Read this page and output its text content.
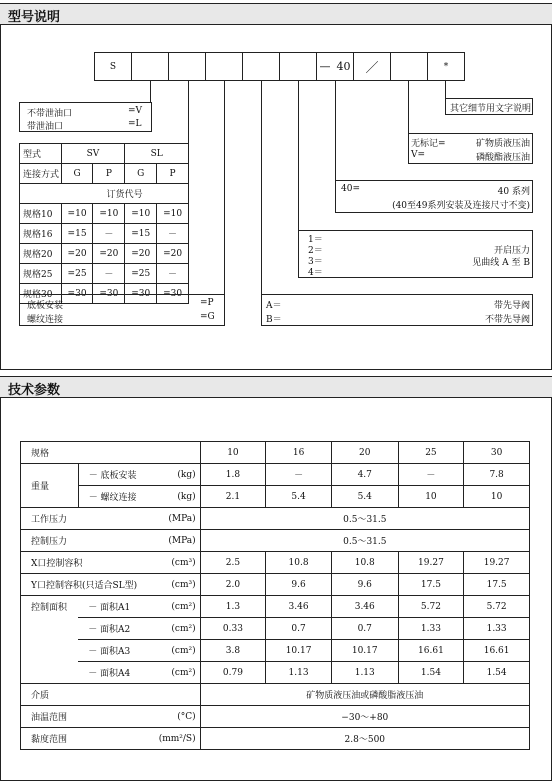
型号说明
S	— 40 ／	*
不带泄油口	=V
带泄油口	=L
型式	SV		SL	
连接方式	G	P	G	P
	订货代号			
规格10	=10	=10	=10	=10
规格16	=15	－	=15	－
规格20	=20	=20	=20	=20
规格25	=25	－	=25	－
规格30	=30	=30	=30	=30
底板安装	=P
螺纹连接	=G
A＝	带先导阀
B＝	不带先导阀
1＝
2＝
3＝
4＝
开启压力
见曲线 A 至 B
40=	40 系列
(40至49系列安装及连接尺寸不变)
无标记=	矿物质液压油
V=	磷酸酯液压油
其它细节用文字说明
技术参数
规格			10	16	20	25	30
重量	－ 底板安装	(kg)	1.8	－	4.7	－	7.8
	－ 螺纹连接	(kg)	2.1	5.4	5.4	10	10
工作压力		(MPa)	0.5～31.5				
控制压力		(MPa)	0.5～31.5				
X口控制容积		(cm³)	2.5	10.8	10.8	19.27	19.27
Y口控制容积(只适合SL型)		(cm³)	2.0	9.6	9.6	17.5	17.5
控制面积	－ 面积A1	(cm²)	1.3	3.46	3.46	5.72	5.72
	－ 面积A2	(cm²)	0.33	0.7	0.7	1.33	1.33
	－ 面积A3	(cm²)	3.8	10.17	10.17	16.61	16.61
	－ 面积A4	(cm²)	0.79	1.13	1.13	1.54	1.54
介质			矿物质液压油或磷酸脂液压油				
油温范围		(°C)	−30～+80				
黏度范围		(mm²/S)	2.8～500				
